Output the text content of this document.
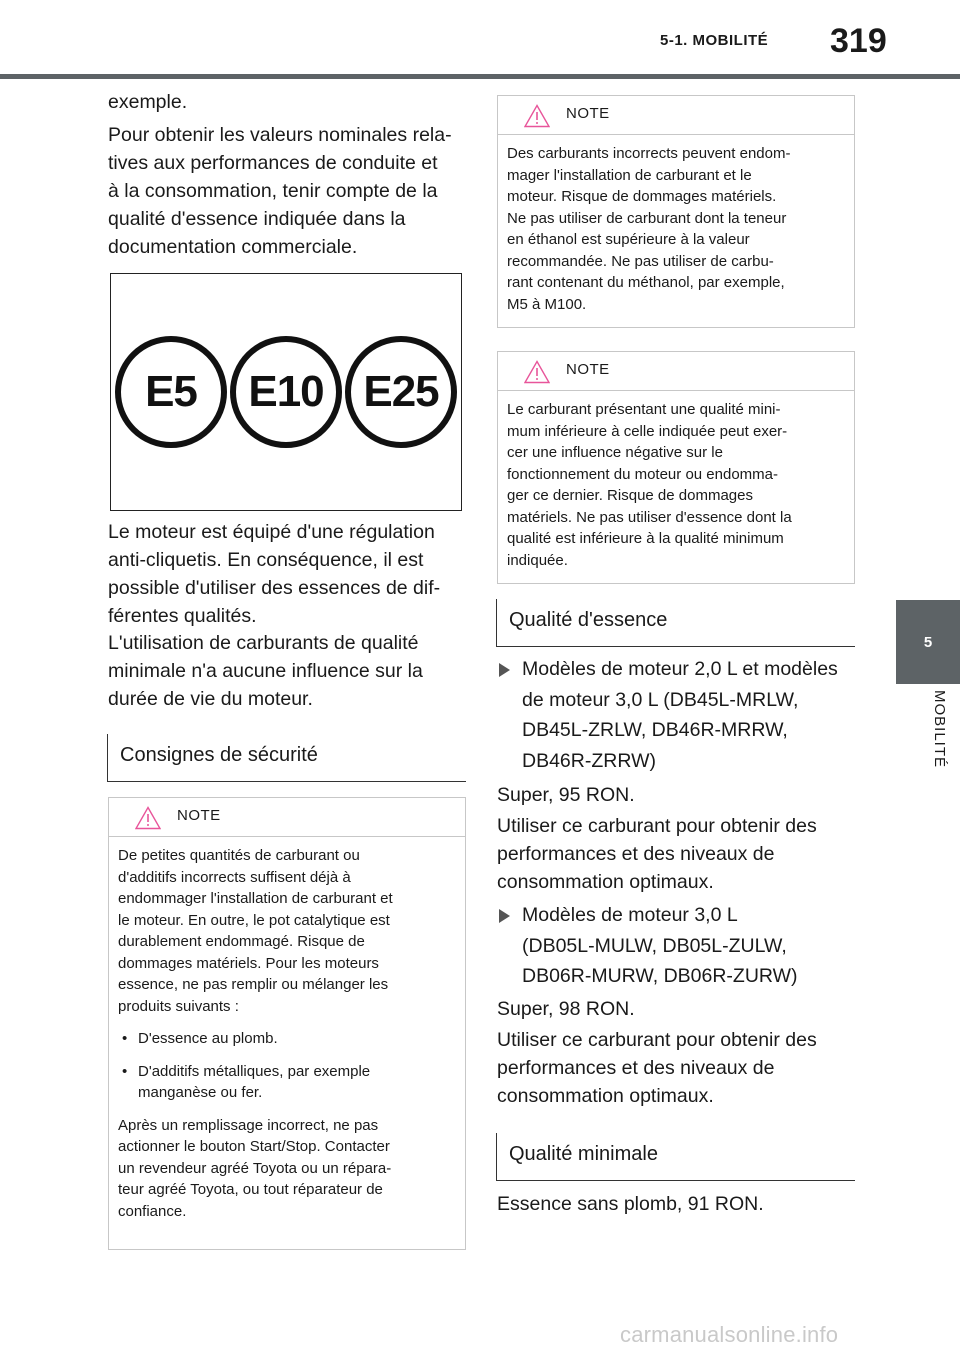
5-1. MOBILITÉ 319
5
MOBILITÉ

exemple.

Pour obtenir les valeurs nominales rela-
tives aux performances de conduite et
à la consommation, tenir compte de la
qualité d'essence indiquée dans la
documentation commerciale.

E5	E10 E25

Le moteur est équipé d'une régulation
anti-cliquetis. En conséquence, il est
possible d'utiliser des essences de dif-
férentes qualités.

L'utilisation de carburants de qualité
minimale n'a aucune influence sur la
durée de vie du moteur.

Consignes de sécurité
NOTE

De petites quantités de carburant ou
d'additifs incorrects suffisent déjà à
endommager l'installation de carburant et
le moteur. En outre, le pot catalytique est
durablement endommagé. Risque de
dommages matériels. Pour les moteurs
essence, ne pas remplir ou mélanger les
produits suivants :

• D'essence au plomb.
• D'additifs métalliques, par exemple
manganèse ou fer.

Après un remplissage incorrect, ne pas
actionner le bouton Start/Stop. Contacter
un revendeur agréé Toyota ou un répara-
teur agréé Toyota, ou tout réparateur de
confiance.

NOTE

Des carburants incorrects peuvent endom-
mager l'installation de carburant et le
moteur. Risque de dommages matériels.
Ne pas utiliser de carburant dont la teneur
en éthanol est supérieure à la valeur
recommandée. Ne pas utiliser de carbu-
rant contenant du méthanol, par exemple,
M5 à M100.

NOTE

Le carburant présentant une qualité mini-
mum inférieure à celle indiquée peut exer-
cer une influence négative sur le
fonctionnement du moteur ou endomma-
ger ce dernier. Risque de dommages
matériels. Ne pas utiliser d'essence dont la
qualité est inférieure à la qualité minimum
indiquée.

Qualité d'essence
Modèles de moteur 2,0 L et modèles
de moteur 3,0 L (DB45L-MRLW,
DB45L-ZRLW, DB46R-MRRW,
DB46R-ZRRW)

Super, 95 RON.

Utiliser ce carburant pour obtenir des
performances et des niveaux de
consommation optimaux.

Modèles de moteur 3,0 L
(DB05L-MULW, DB05L-ZULW,
DB06R-MURW, DB06R-ZURW)

Super, 98 RON.

Utiliser ce carburant pour obtenir des
performances et des niveaux de
consommation optimaux.

Qualité minimale

Essence sans plomb, 91 RON.

carmanualsonline.info
